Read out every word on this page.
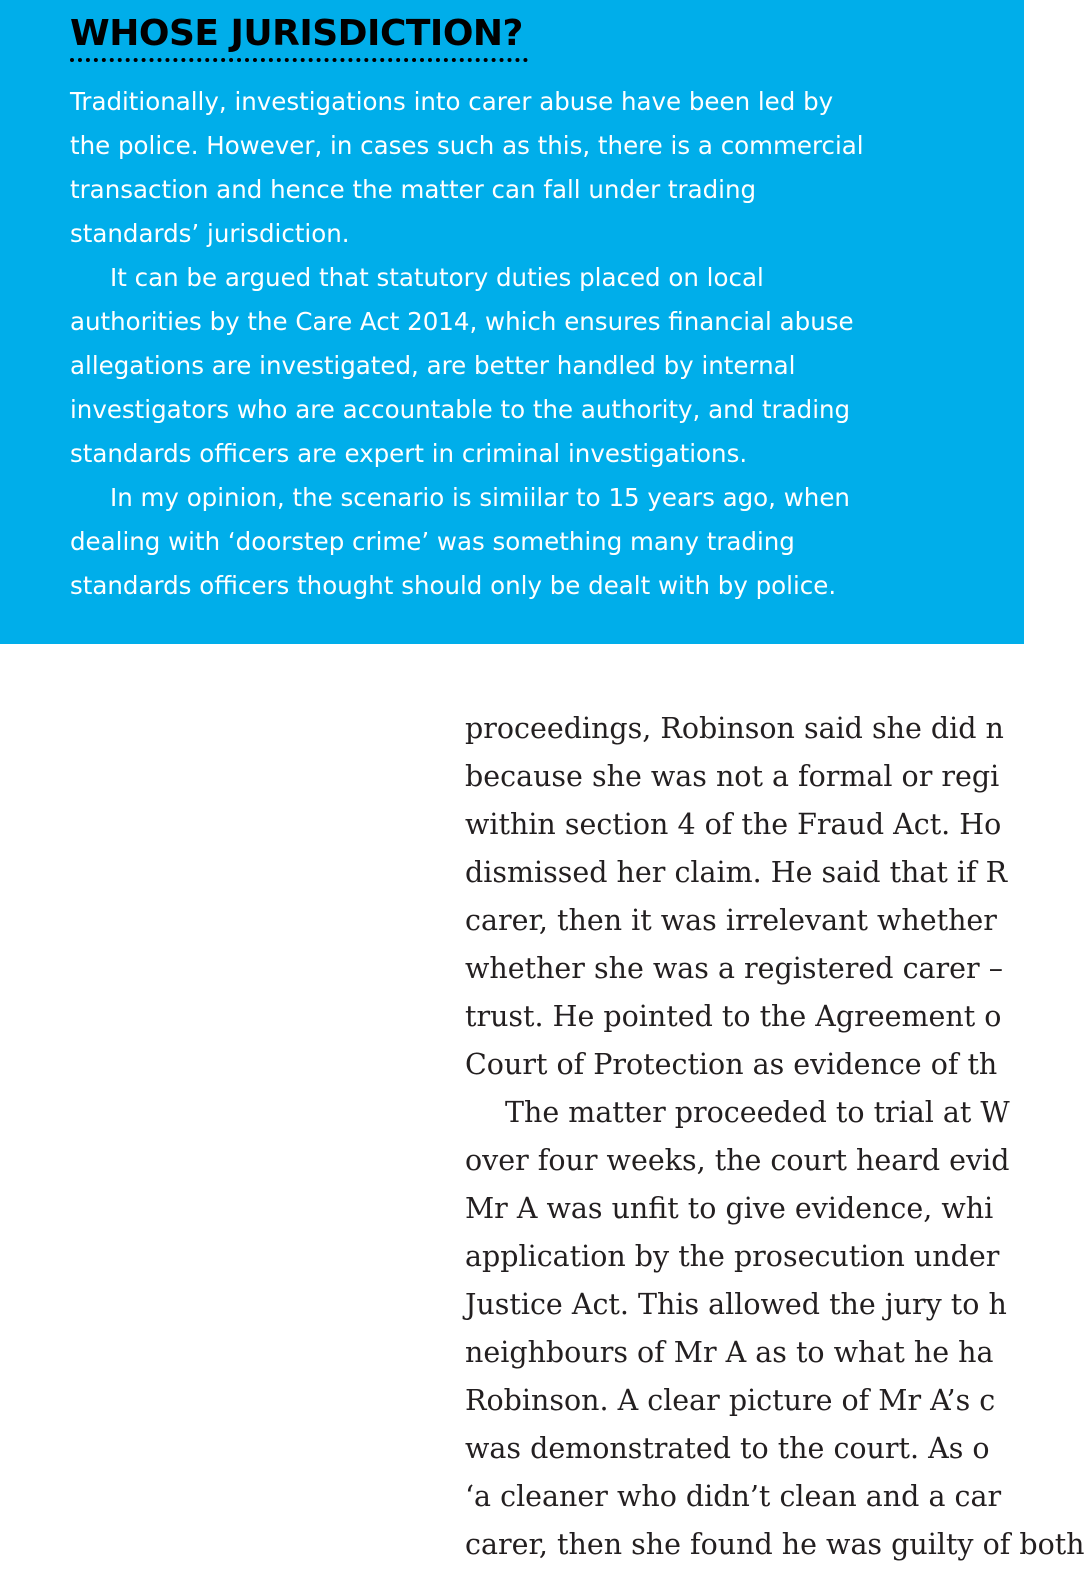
WHOSE JURISDICTION?

Traditionally, investigations into carer abuse have been led by

the police. However, in cases such as this, there is a commercial

transaction and hence the matter can fall under trading

standards’ jurisdiction.

It can be argued that statutory duties placed on local

authorities by the Care Act 2014, which ensures financial abuse

allegations are investigated, are better handled by internal

investigators who are accountable to the authority, and trading

standards officers are expert in criminal investigations.

In my opinion, the scenario is simiilar to 15 years ago, when

dealing with ‘doorstep crime’ was something many trading

standards officers thought should only be dealt with by police.

proceedings, Robinson said she did n
because she was not a formal or regi
within section 4 of the Fraud Act. Ho
dismissed her claim. He said that if R
carer, then it was irrelevant whether
whether she was a registered carer –
trust. He pointed to the Agreement o
Court of Protection as evidence of th
The matter proceeded to trial at W
over four weeks, the court heard evid
Mr A was unfit to give evidence, whi
application by the prosecution under
Justice Act. This allowed the jury to h
neighbours of Mr A as to what he ha
Robinson. A clear picture of Mr A’s c
was demonstrated to the court. As o
‘a cleaner who didn’t clean and a car
carer, then she found he was guilty of both
